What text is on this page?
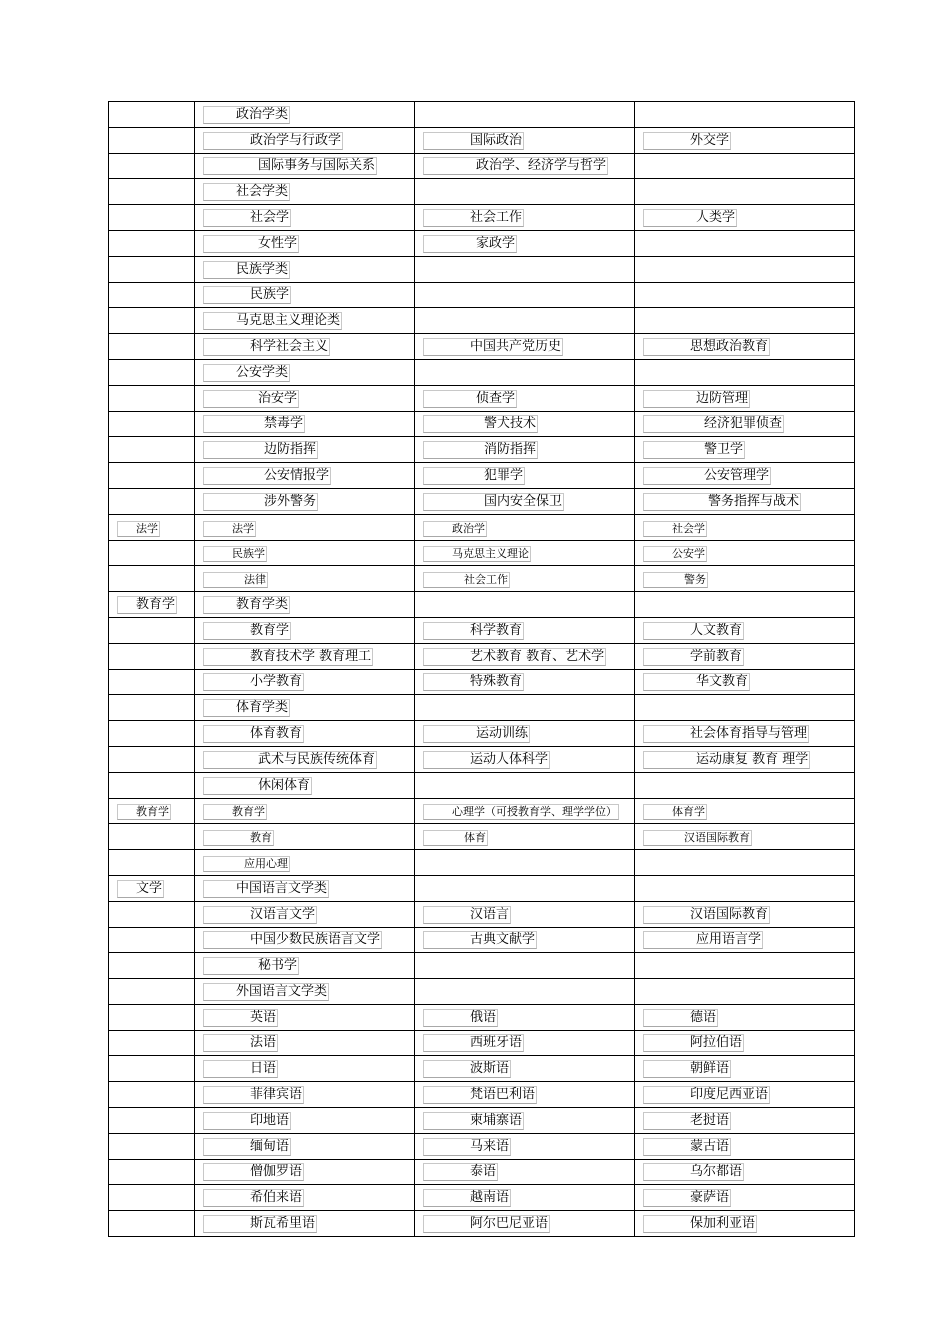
	政治学类		
	政治学与行政学	国际政治	外交学
	国际事务与国际关系	政治学、经济学与哲学	
	社会学类		
	社会学	社会工作	人类学
	女性学	家政学	
	民族学类		
	民族学		
	马克思主义理论类		
	科学社会主义	中国共产党历史	思想政治教育
	公安学类		
	治安学	侦查学	边防管理
	禁毒学	警犬技术	经济犯罪侦查
	边防指挥	消防指挥	警卫学
	公安情报学	犯罪学	公安管理学
	涉外警务	国内安全保卫	警务指挥与战术
法学	法学	政治学	社会学
	民族学	马克思主义理论	公安学
	法律	社会工作	警务
教育学	教育学类		
	教育学	科学教育	人文教育
	教育技术学 教育理工	艺术教育 教育、艺术学	学前教育
	小学教育	特殊教育	华文教育
	体育学类		
	体育教育	运动训练	社会体育指导与管理
	武术与民族传统体育	运动人体科学	运动康复 教育 理学
	休闲体育		
教育学	教育学	心理学（可授教育学、理学学位）	体育学
	教育	体育	汉语国际教育
	应用心理		
文学	中国语言文学类		
	汉语言文学	汉语言	汉语国际教育
	中国少数民族语言文学	古典文献学	应用语言学
	秘书学		
	外国语言文学类		
	英语	俄语	德语
	法语	西班牙语	阿拉伯语
	日语	波斯语	朝鲜语
	菲律宾语	梵语巴利语	印度尼西亚语
	印地语	柬埔寨语	老挝语
	缅甸语	马来语	蒙古语
	僧伽罗语	泰语	乌尔都语
	希伯来语	越南语	豪萨语
	斯瓦希里语	阿尔巴尼亚语	保加利亚语
